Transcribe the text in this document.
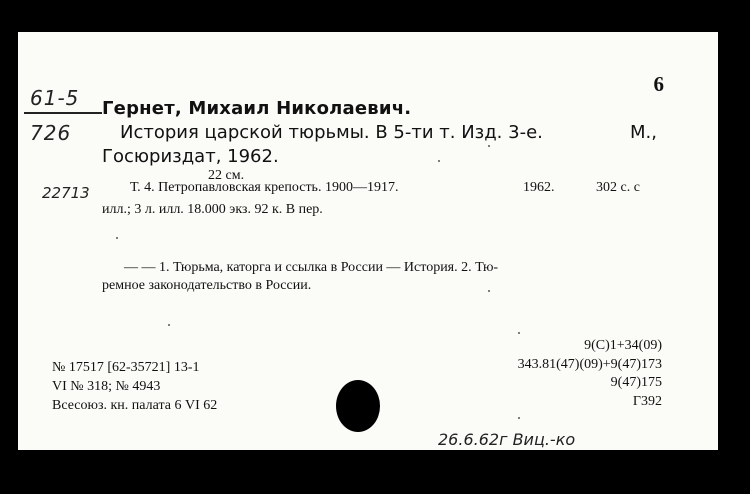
61-5
726
22713
6
Гернет, Михаил Николаевич.
История царской тюрьмы. В 5-ти т. Изд. 3-е.	М.,
Госюриздат, 1962.
22 см.
Т. 4. Петропавловская крепость. 1900—1917.	1962.	302 с. с
илл.; 3 л. илл. 18.000 экз. 92 к. В пер.
— — 1. Тюрьма, каторга и ссылка в России — История. 2. Тю-
ремное законодательство в России.
9(С)1+34(09)
343.81(47)(09)+9(47)173
9(47)175
Г392
№ 17517 [62-35721] 13-1
VI № 318; № 4943
Всесоюз. кн. палата 6 VI 62
26.6.62г Виц.-ко
